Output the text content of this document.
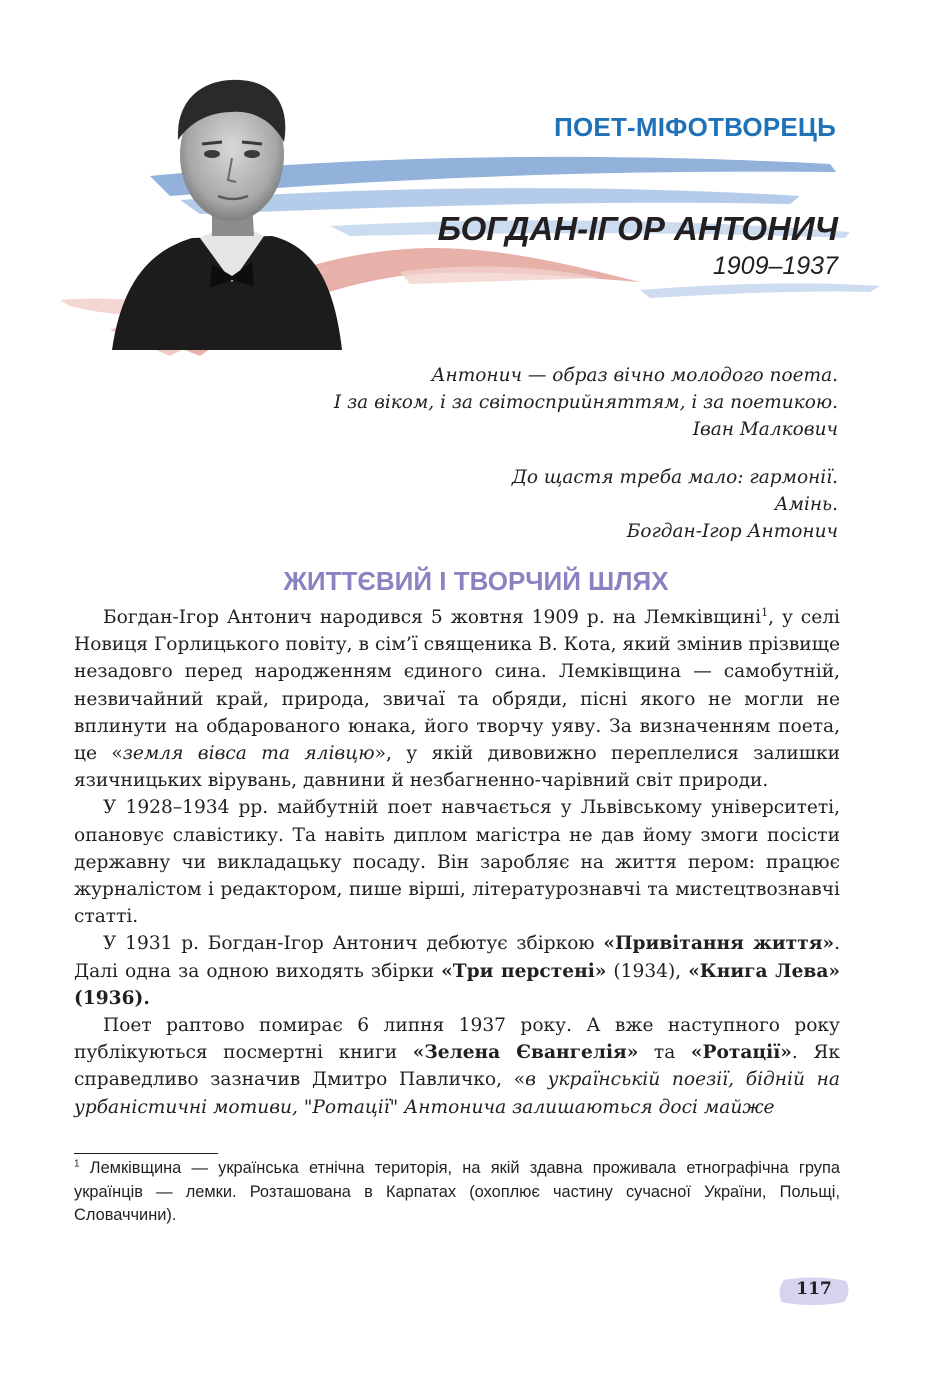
ПОЕТ-МІФОТВОРЕЦЬ
БОГДАН-ІГОР АНТОНИЧ
1909–1937
Антонич — образ вічно молодого поета.
І за віком, і за світосприйняттям, і за поетикою.
Іван Малкович
До щастя треба мало: гармонії.
Амінь.
Богдан-Ігор Антонич
ЖИТТЄВИЙ І ТВОРЧИЙ ШЛЯХ

Богдан-Ігор Антонич народився 5 жовтня 1909 р. на Лемківщині$^1$, у селі Новиця Горлицького повіту, в сім’ї священика В. Кота, який змінив прізвище незадовго перед народженням єдиного сина. Лемківщина — самобутній, незвичайний край, природа, звичаї та обряди, пісні якого не могли не вплинути на обдарованого юнака, його творчу уяву. За визначенням поета, це «земля вівса та ялівцю», у якій дивовижно переплелися залишки язичницьких вірувань, давнини й незбагненно-чарівний світ природи.

У 1928–1934 рр. майбутній поет навчається у Львівському університеті, опановує славістику. Та навіть диплом магістра не дав йому змоги посісти державну чи викладацьку посаду. Він заробляє на життя пером: працює журналістом і редактором, пише вірші, літературознавчі та мистецтвознавчі статті.

У 1931 р. Богдан-Ігор Антонич дебютує збіркою «Привітання життя». Далі одна за одною виходять збірки «Три перстені» (1934), «Книга Лева» (1936).

Поет раптово помирає 6 липня 1937 року. А вже наступного року публікуються посмертні книги «Зелена Євангелія» та «Ротації». Як справедливо зазначив Дмитро Павличко, «в українській поезії, бідній на урбаністичні мотиви, "Ротації" Антонича залишаються досі майже

$^1$ Лемківщина — українська етнічна територія, на якій здавна проживала етнографічна група українців — лемки. Розташована в Карпатах (охоплює частину сучасної України, Польщі, Словаччини).
117
